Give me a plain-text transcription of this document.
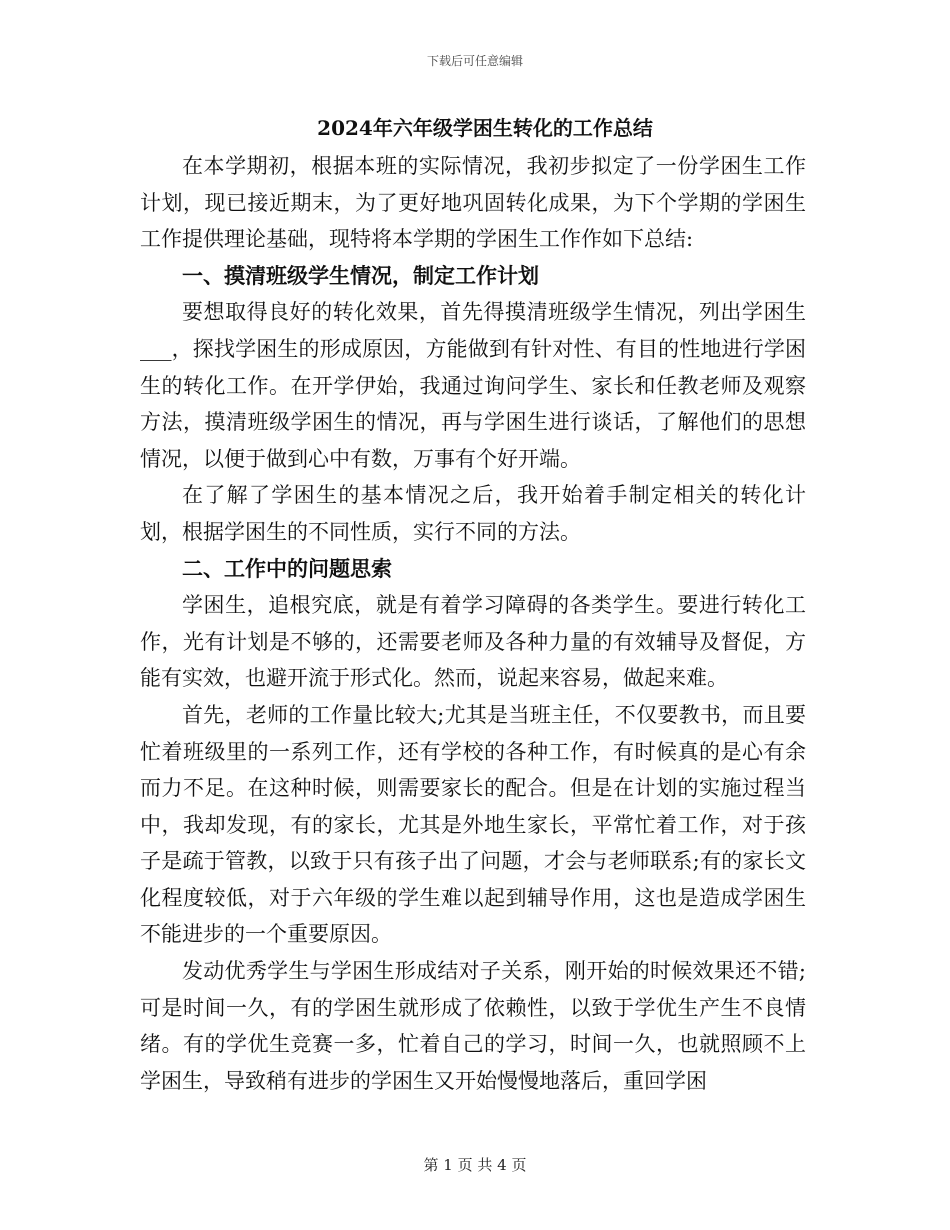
下载后可任意编辑
2024年六年级学困生转化的工作总结

在本学期初，根据本班的实际情况，我初步拟定了一份学困生工作计划，现已接近期末，为了更好地巩固转化成果，为下个学期的学困生工作提供理论基础，现特将本学期的学困生工作作如下总结:

一、摸清班级学生情况，制定工作计划

要想取得良好的转化效果，首先得摸清班级学生情况，列出学困生___，探找学困生的形成原因，方能做到有针对性、有目的性地进行学困生的转化工作。在开学伊始，我通过询问学生、家长和任教老师及观察方法，摸清班级学困生的情况，再与学困生进行谈话，了解他们的思想情况，以便于做到心中有数，万事有个好开端。

在了解了学困生的基本情况之后，我开始着手制定相关的转化计划，根据学困生的不同性质，实行不同的方法。

二、工作中的问题思索

学困生，追根究底，就是有着学习障碍的各类学生。要进行转化工作，光有计划是不够的，还需要老师及各种力量的有效辅导及督促，方能有实效，也避开流于形式化。然而，说起来容易，做起来难。

首先，老师的工作量比较大;尤其是当班主任，不仅要教书，而且要忙着班级里的一系列工作，还有学校的各种工作，有时候真的是心有余而力不足。在这种时候，则需要家长的配合。但是在计划的实施过程当中，我却发现，有的家长，尤其是外地生家长，平常忙着工作，对于孩子是疏于管教，以致于只有孩子出了问题，才会与老师联系;有的家长文化程度较低，对于六年级的学生难以起到辅导作用，这也是造成学困生不能进步的一个重要原因。

发动优秀学生与学困生形成结对子关系，刚开始的时候效果还不错;可是时间一久，有的学困生就形成了依赖性，以致于学优生产生不良情绪。有的学优生竞赛一多，忙着自己的学习，时间一久，也就照顾不上学困生，导致稍有进步的学困生又开始慢慢地落后，重回学困

第 1 页 共 4 页
